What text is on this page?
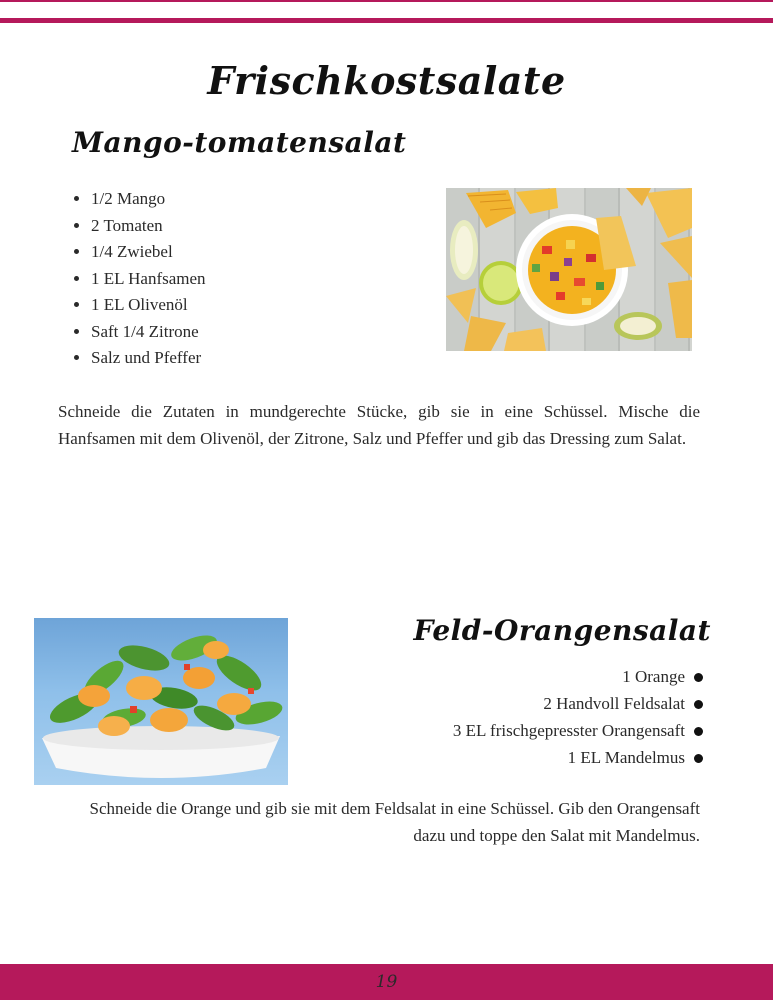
Frischkostsalate
Mango-tomatensalat
• 1/2 Mango
• 2 Tomaten
• 1/4 Zwiebel
• 1 EL Hanfsamen
• 1 EL Olivenöl
• Saft 1/4 Zitrone
• Salz und Pfeffer
Schneide die Zutaten in mundgerechte Stücke, gib sie in eine Schüssel. Mische die Hanfsamen mit dem Olivenöl, der Zitrone, Salz und Pfeffer und gib das Dressing zum Salat.
Feld-Orangensalat
1 Orange
2 Handvoll Feldsalat
3 EL frischgepresster Orangensaft
1 EL Mandelmus
Schneide die Orange und gib sie mit dem Feldsalat in eine Schüssel. Gib den Orangensaft
dazu und toppe den Salat mit Mandelmus.
19
